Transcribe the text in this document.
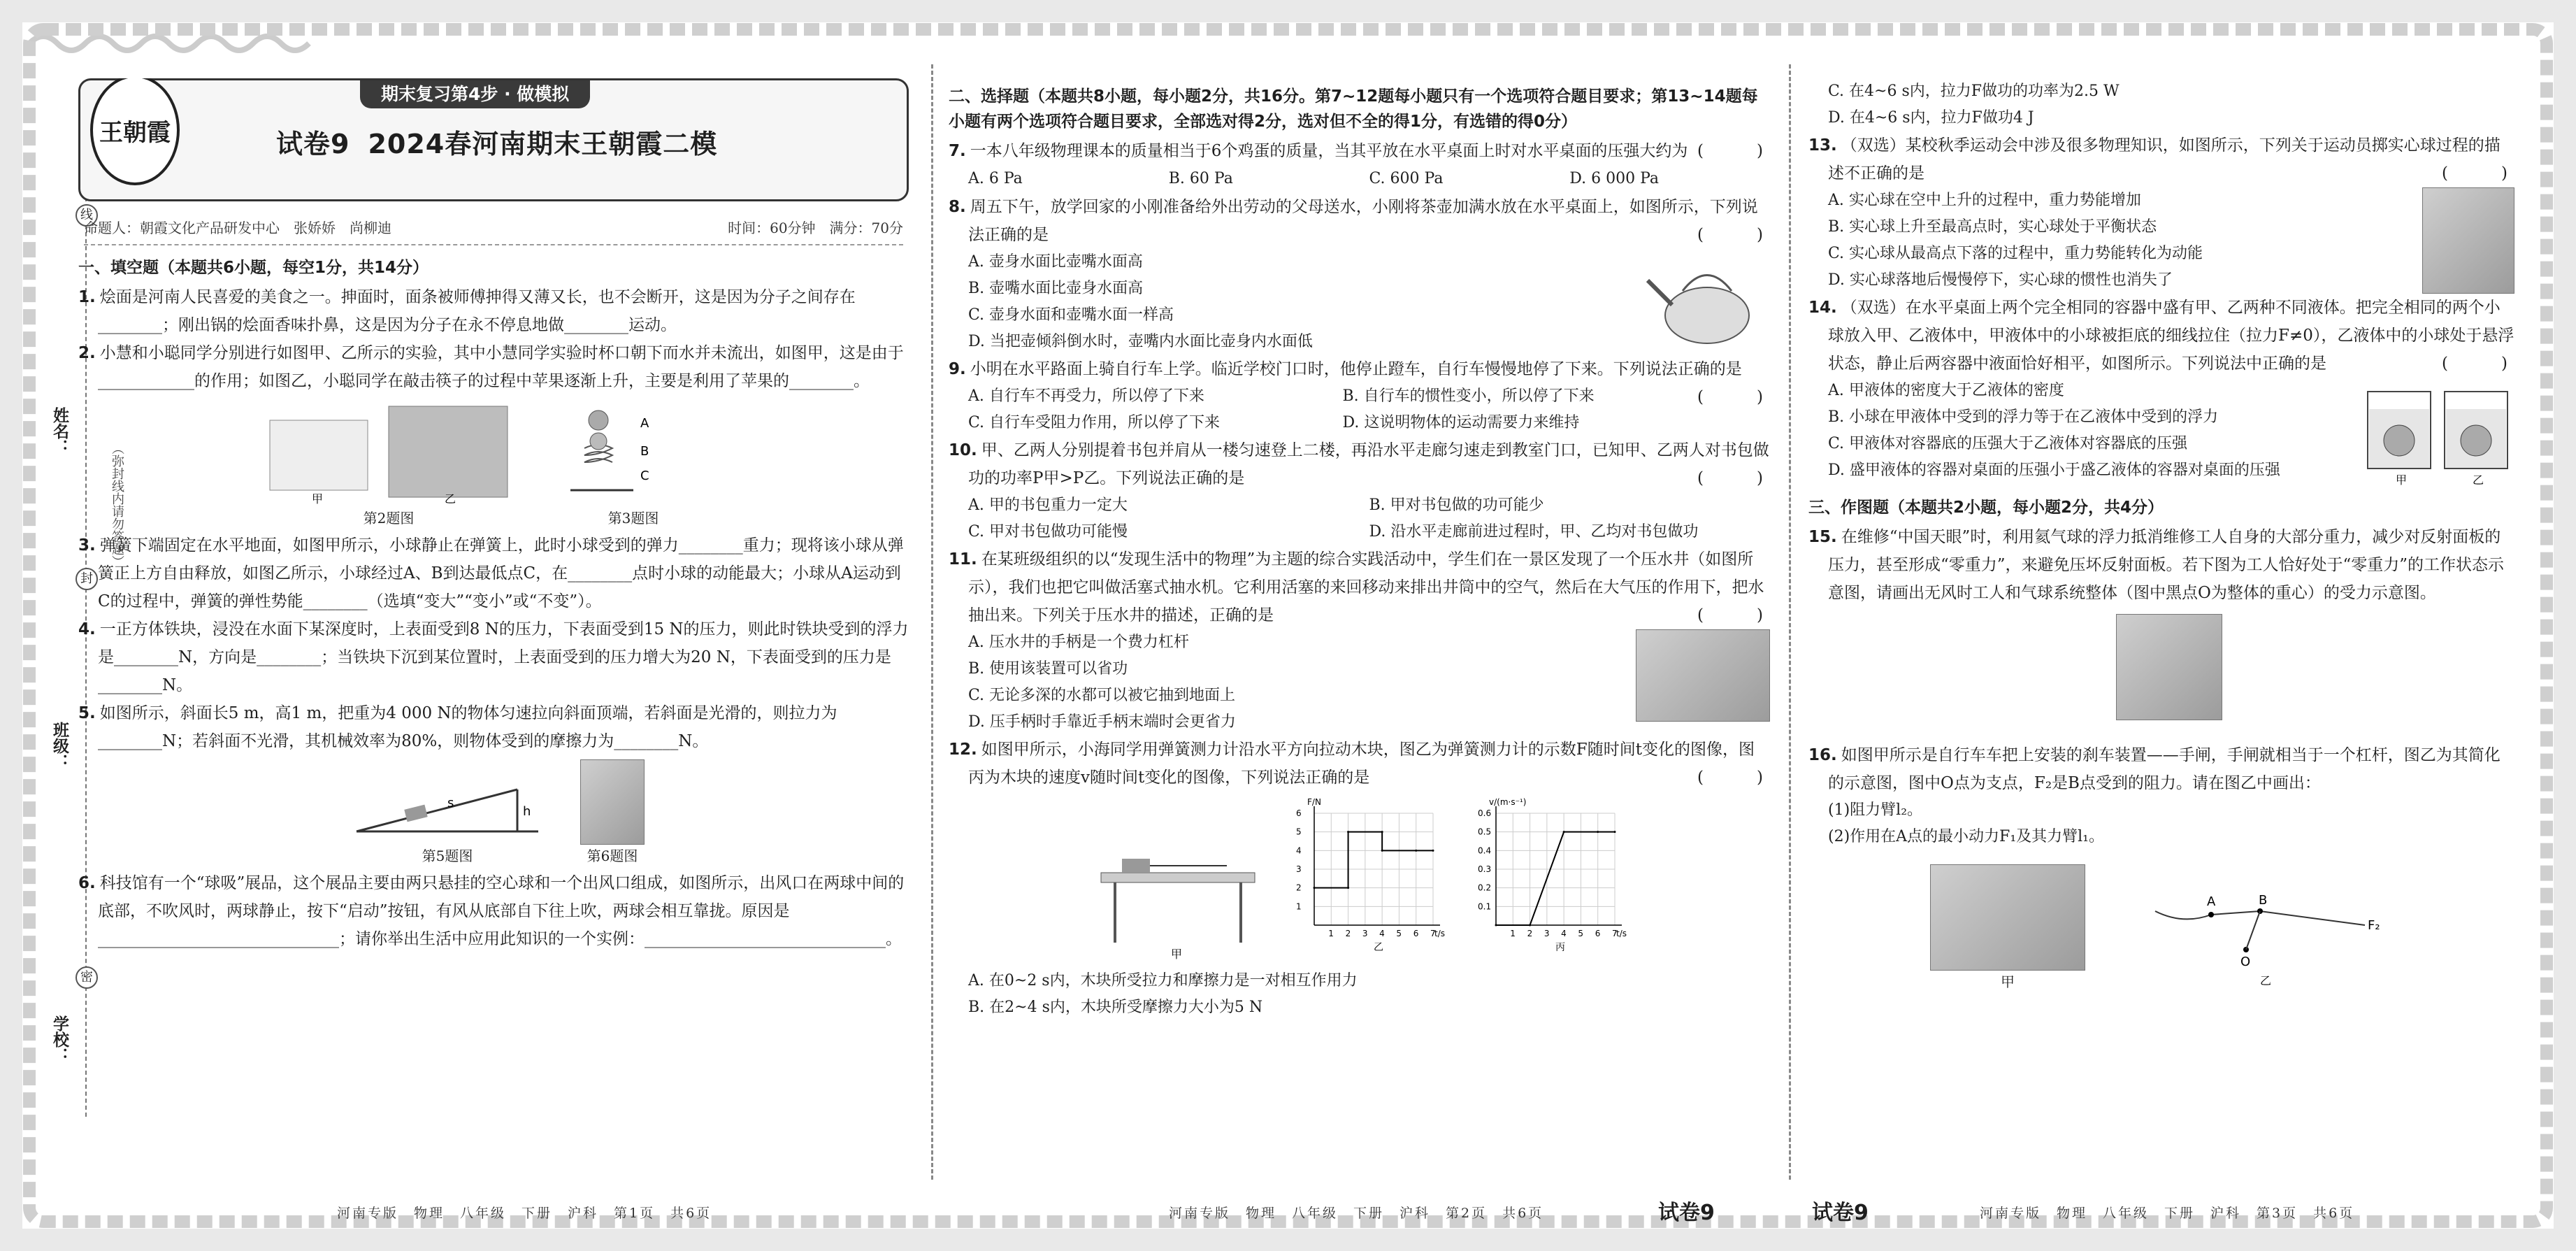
姓名：
班级：
学校：
线
封
密
（弥封线内请勿答题）
王朝霞
期末复习第4步 · 做模拟
试卷9 2024春河南期末王朝霞二模
命题人：朝霞文化产品研发中心　张娇娇　尚柳迪	时间：60分钟　满分：70分
一、填空题（本题共6小题，每空1分，共14分）
1. 烩面是河南人民喜爱的美食之一。抻面时，面条被师傅抻得又薄又长，也不会断开，这是因为分子之间存在________；刚出锅的烩面香味扑鼻，这是因为分子在永不停息地做________运动。
2. 小慧和小聪同学分别进行如图甲、乙所示的实验，其中小慧同学实验时杯口朝下而水并未流出，如图甲，这是由于____________的作用；如图乙，小聪同学在敲击筷子的过程中苹果逐渐上升，主要是利用了苹果的________。
甲	乙
第2题图
A
B
C
第3题图
3. 弹簧下端固定在水平地面，如图甲所示，小球静止在弹簧上，此时小球受到的弹力________重力；现将该小球从弹簧正上方自由释放，如图乙所示，小球经过A、B到达最低点C，在________点时小球的动能最大；小球从A运动到C的过程中，弹簧的弹性势能________（选填“变大”“变小”或“不变”）。
4. 一正方体铁块，浸没在水面下某深度时，上表面受到8 N的压力，下表面受到15 N的压力，则此时铁块受到的浮力是________N，方向是________；当铁块下沉到某位置时，上表面受到的压力增大为20 N，下表面受到的压力是________N。
5. 如图所示，斜面长5 m，高1 m，把重为4 000 N的物体匀速拉向斜面顶端，若斜面是光滑的，则拉力为________N；若斜面不光滑，其机械效率为80%，则物体受到的摩擦力为________N。
s
h
第5题图	第6题图
6. 科技馆有一个“球吸”展品，这个展品主要由两只悬挂的空心球和一个出风口组成，如图所示，出风口在两球中间的底部，不吹风时，两球静止，按下“启动”按钮，有风从底部自下往上吹，两球会相互靠拢。原因是______________________________；请你举出生活中应用此知识的一个实例：______________________________。
河南专版　物理　八年级　下册　沪科　第1页　共6页
二、选择题（本题共8小题，每小题2分，共16分。第7~12题每小题只有一个选项符合题目要求；第13~14题每小题有两个选项符合题目要求，全部选对得2分，选对但不全的得1分，有选错的得0分）
7. 一本八年级物理课本的质量相当于6个鸡蛋的质量，当其平放在水平桌面上时对水平桌面的压强大约为 (　　)
A. 6 Pa	B. 60 Pa	C. 600 Pa	D. 6 000 Pa
8. 周五下午，放学回家的小刚准备给外出劳动的父母送水，小刚将茶壶加满水放在水平桌面上，如图所示，下列说法正确的是	(　　)
A. 壶身水面比壶嘴水面高
B. 壶嘴水面比壶身水面高
C. 壶身水面和壶嘴水面一样高
D. 当把壶倾斜倒水时，壶嘴内水面比壶身内水面低
9. 小明在水平路面上骑自行车上学。临近学校门口时，他停止蹬车，自行车慢慢地停了下来。下列说法正确的是
(　　)
A. 自行车不再受力，所以停了下来	B. 自行车的惯性变小，所以停了下来
C. 自行车受阻力作用，所以停了下来	D. 这说明物体的运动需要力来维持
10. 甲、乙两人分别提着书包并肩从一楼匀速登上二楼，再沿水平走廊匀速走到教室门口，已知甲、乙两人对书包做功的功率P甲>P乙。下列说法正确的是	(　　)
A. 甲的书包重力一定大	B. 甲对书包做的功可能少
C. 甲对书包做功可能慢	D. 沿水平走廊前进过程时，甲、乙均对书包做功
11. 在某班级组织的以“发现生活中的物理”为主题的综合实践活动中，学生们在一景区发现了一个压水井（如图所示），我们也把它叫做活塞式抽水机。它利用活塞的来回移动来排出井筒中的空气，然后在大气压的作用下，把水抽出来。下列关于压水井的描述，正确的是	(　　)
A. 压水井的手柄是一个费力杠杆
B. 使用该装置可以省功
C. 无论多深的水都可以被它抽到地面上
D. 压手柄时手靠近手柄末端时会更省力
12. 如图甲所示，小海同学用弹簧测力计沿水平方向拉动木块，图乙为弹簧测力计的示数F随时间t变化的图像，图丙为木块的速度v随时间t变化的图像，下列说法正确的是	(　　)
甲
1 2 3 4 5 6 7
1
2
3
4
5
6
t/s
F/N
乙
1 2 3 4 5 6 7
0.1
0.2
0.3
0.4
0.5
0.6
t/s
v/(m·s⁻¹)
丙
A. 在0~2 s内，木块所受拉力和摩擦力是一对相互作用力
B. 在2~4 s内，木块所受摩擦力大小为5 N
河南专版　物理　八年级　下册　沪科　第2页　共6页	试卷9
C. 在4~6 s内，拉力F做功的功率为2.5 W
D. 在4~6 s内，拉力F做功4 J
13. （双选）某校秋季运动会中涉及很多物理知识，如图所示，下列关于运动员掷实心球过程的描述不正确的是	(　　)
A. 实心球在空中上升的过程中，重力势能增加
B. 实心球上升至最高点时，实心球处于平衡状态
C. 实心球从最高点下落的过程中，重力势能转化为动能
D. 实心球落地后慢慢停下，实心球的惯性也消失了
14. （双选）在水平桌面上两个完全相同的容器中盛有甲、乙两种不同液体。把完全相同的两个小球放入甲、乙液体中，甲液体中的小球被拒底的细线拉住（拉力F≠0），乙液体中的小球处于悬浮状态，静止后两容器中液面恰好相平，如图所示。下列说法中正确的是	(　　)
A. 甲液体的密度大于乙液体的密度
B. 小球在甲液体中受到的浮力等于在乙液体中受到的浮力
C. 甲液体对容器底的压强大于乙液体对容器底的压强
D. 盛甲液体的容器对桌面的压强小于盛乙液体的容器对桌面的压强
甲	乙
三、作图题（本题共2小题，每小题2分，共4分）
15. 在维修“中国天眼”时，利用氦气球的浮力抵消维修工人自身的大部分重力，减少对反射面板的压力，甚至形成“零重力”，来避免压坏反射面板。若下图为工人恰好处于“零重力”的工作状态示意图，请画出无风时工人和气球系统整体（图中黑点O为整体的重心）的受力示意图。
16. 如图甲所示是自行车车把上安装的刹车装置——手闸，手闸就相当于一个杠杆，图乙为其简化的示意图，图中O点为支点，F₂是B点受到的阻力。请在图乙中画出：
(1)阻力臂l₂。
(2)作用在A点的最小动力F₁及其力臂l₁。
甲
A	B
O
F₂
乙
试卷9	河南专版　物理　八年级　下册　沪科　第3页　共6页
